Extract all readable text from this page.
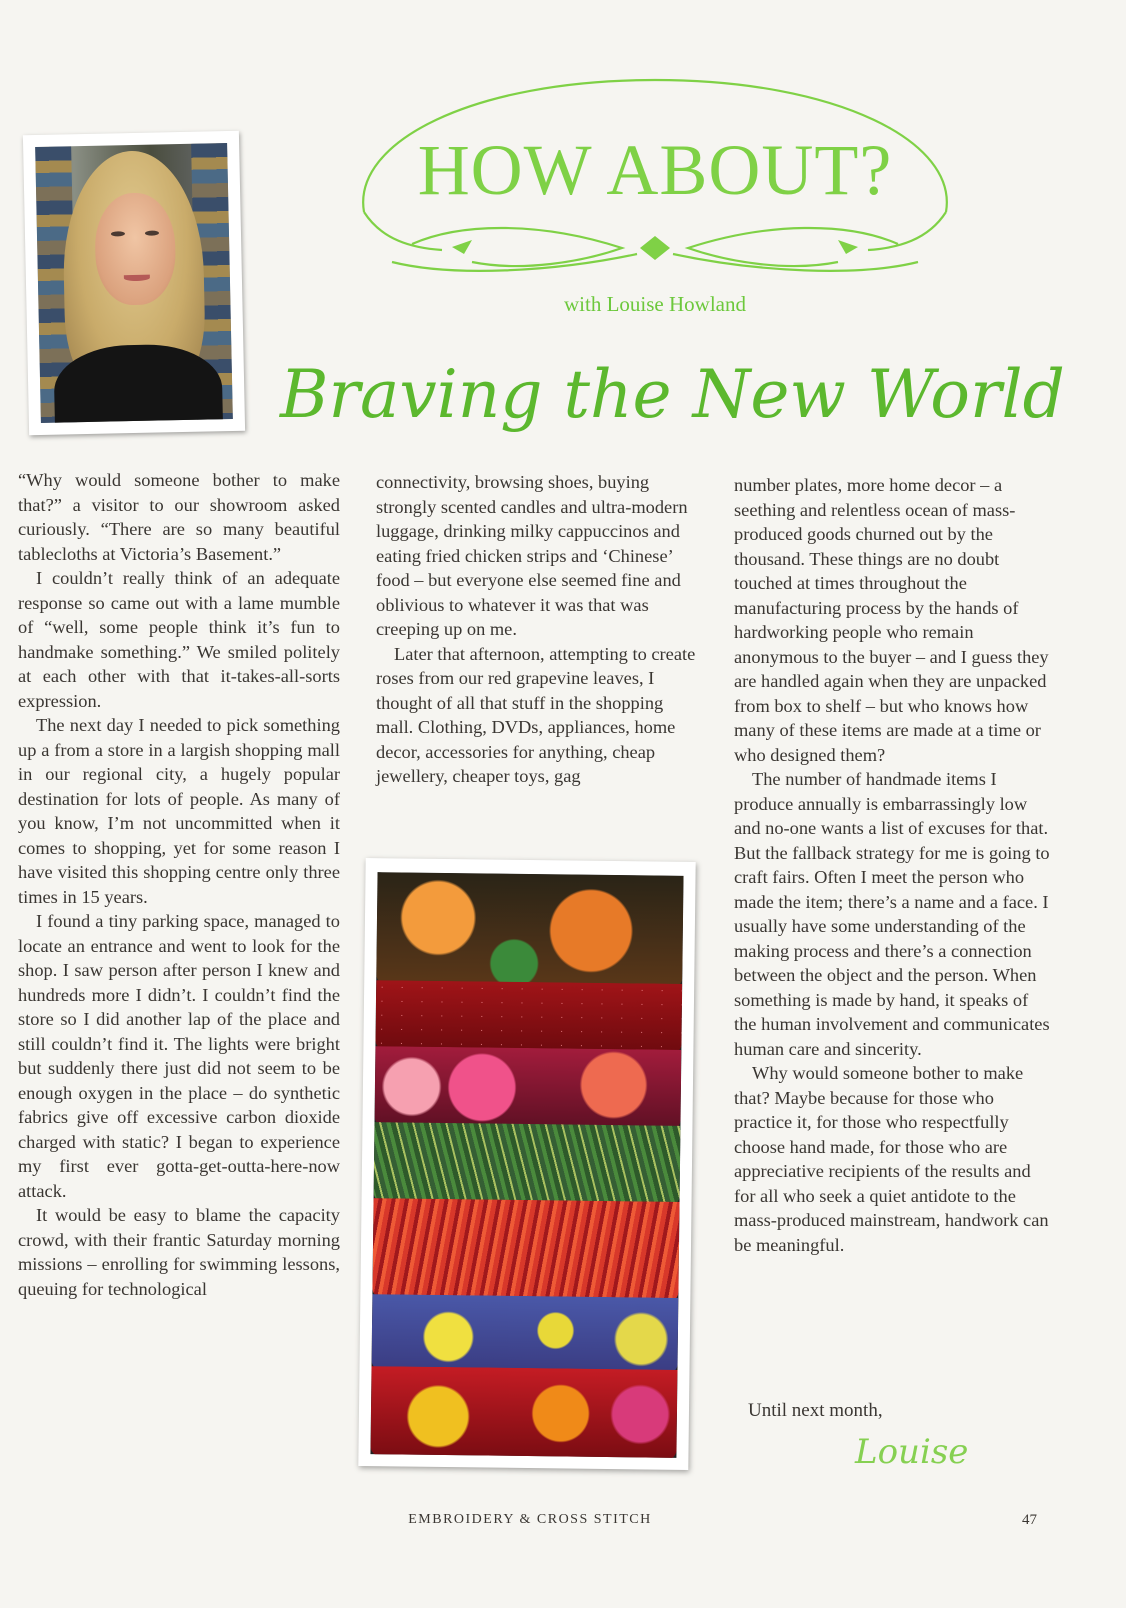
HOW ABOUT?
with Louise Howland
Braving the New World

“Why would someone bother to make that?” a visitor to our showroom asked curiously. “There are so many beautiful tablecloths at Victoria’s Basement.”

I couldn’t really think of an adequate response so came out with a lame mumble of “well, some people think it’s fun to handmake something.” We smiled politely at each other with that it-takes-all-sorts expression.

The next day I needed to pick something up a from a store in a largish shopping mall in our regional city, a hugely popular destination for lots of people. As many of you know, I’m not uncommitted when it comes to shopping, yet for some reason I have visited this shopping centre only three times in 15 years.

I found a tiny parking space, managed to locate an entrance and went to look for the shop. I saw person after person I knew and hundreds more I didn’t. I couldn’t find the store so I did another lap of the place and still couldn’t find it. The lights were bright but suddenly there just did not seem to be enough oxygen in the place – do synthetic fabrics give off excessive carbon dioxide charged with static? I began to experience my first ever gotta-get-outta-here-now attack.

It would be easy to blame the capacity crowd, with their frantic Saturday morning missions – enrolling for swimming lessons, queuing for technological

connectivity, browsing shoes, buying strongly scented candles and ultra-modern luggage, drinking milky cappuccinos and eating fried chicken strips and ‘Chinese’ food – but everyone else seemed fine and oblivious to whatever it was that was creeping up on me.

Later that afternoon, attempting to create roses from our red grapevine leaves, I thought of all that stuff in the shopping mall. Clothing, DVDs, appliances, home decor, accessories for anything, cheap jewellery, cheaper toys, gag

number plates, more home decor – a seething and relentless ocean of mass-produced goods churned out by the thousand. These things are no doubt touched at times throughout the manufacturing process by the hands of hardworking people who remain anonymous to the buyer – and I guess they are handled again when they are unpacked from box to shelf – but who knows how many of these items are made at a time or who designed them?

The number of handmade items I produce annually is embarrassingly low and no-one wants a list of excuses for that. But the fallback strategy for me is going to craft fairs. Often I meet the person who made the item; there’s a name and a face. I usually have some understanding of the making process and there’s a connection between the object and the person. When something is made by hand, it speaks of the human involvement and communicates human care and sincerity.

Why would someone bother to make that? Maybe because for those who practice it, for those who respectfully choose hand made, for those who are appreciative recipients of the results and for all who seek a quiet antidote to the mass-produced mainstream, handwork can be meaningful.

Until next month,
Louise
EMBROIDERY & CROSS STITCH	47
